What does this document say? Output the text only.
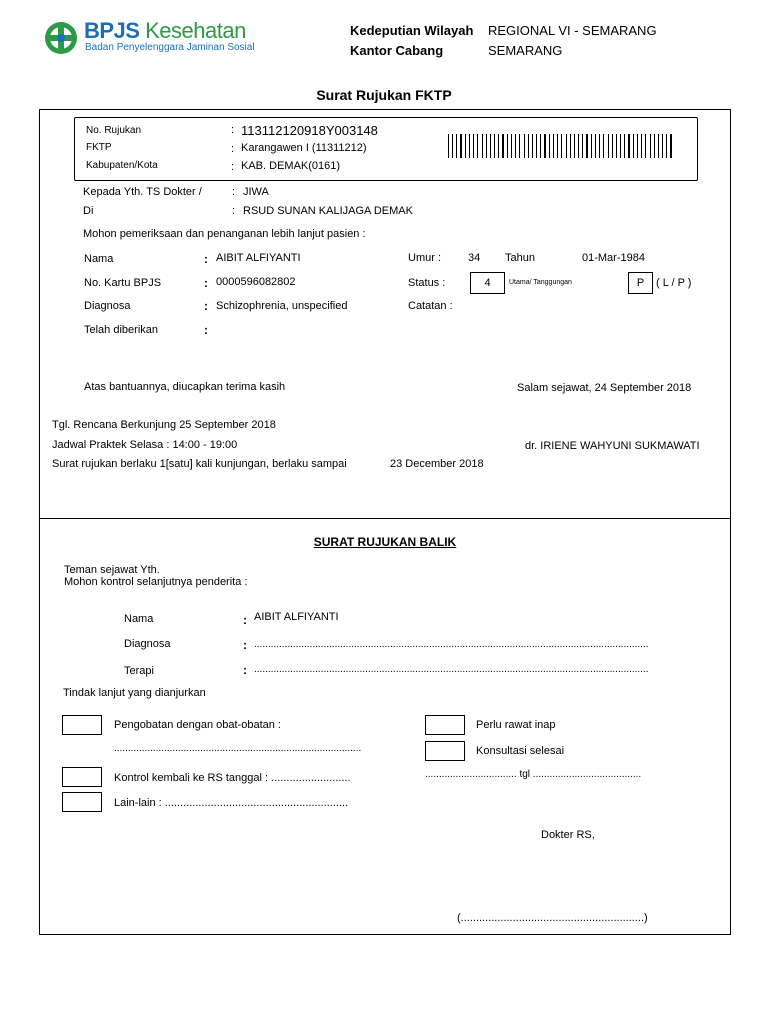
BPJS Kesehatan
Badan Penyelenggara Jaminan Sosial
Kedeputian Wilayah REGIONAL VI - SEMARANG
Kantor Cabang	SEMARANG
Surat Rujukan FKTP
No. Rujukan	: 113112120918Y003148
FKTP	: Karangawen I (11311212)
Kabupaten/Kota	: KAB. DEMAK(0161)
Kepada Yth. TS Dokter /	: JIWA
Di	: RSUD SUNAN KALIJAGA DEMAK
Mohon pemeriksaan dan penanganan lebih lanjut pasien :
Nama	: AIBIT ALFIYANTI	Umur : 34 Tahun	01-Mar-1984
No. Kartu BPJS	: 0000596082802	Status :	4	Utama/ Tanggungan	P	( L / P )
Diagnosa	: Schizophrenia, unspecified	Catatan :
Telah diberikan	:
Atas bantuannya, diucapkan terima kasih	Salam sejawat, 24 September 2018
Tgl. Rencana Berkunjung 25 September 2018
Jadwal Praktek Selasa : 14:00 - 19:00	dr. IRIENE WAHYUNI SUKMAWATI
Surat rujukan berlaku 1[satu] kali kunjungan, berlaku sampai	23 December 2018
SURAT RUJUKAN BALIK
Teman sejawat Yth.
Mohon kontrol selanjutnya penderita :
Nama	: AIBIT ALFIYANTI
Diagnosa	: ..............................................................................................................................................
Terapi	: ..............................................................................................................................................
Tindak lanjut yang dianjurkan
Pengobatan dengan obat-obatan :
.........................................................................................
Perlu rawat inap
Konsultasi selesai
Kontrol kembali ke RS tanggal : ..........................	................................. tgl .......................................
Lain-lain : ............................................................
Dokter RS,
(............................................................)
